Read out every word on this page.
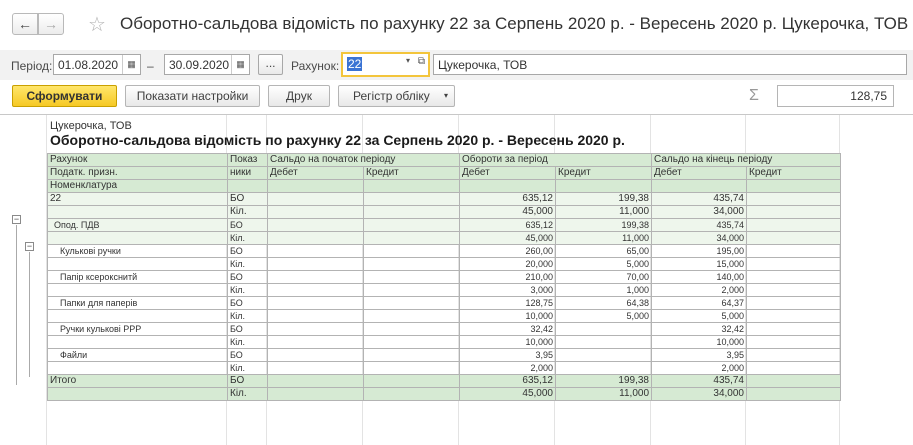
← →	☆ Оборотно-сальдова відомість по рахунку 22 за Серпень 2020 р. - Вересень 2020 р. Цукерочка, ТОВ
Період: 01.08.2020	▦ –	30.09.2020 ▦	...	Рахунок: 22	▾ ⧉	Цукерочка, ТОВ
Сформувати	Показати настройки	Друк	Регістр обліку ▾	Σ	128,75
Цукерочка, ТОВ
Оборотно-сальдова відомість по рахунку 22 за Серпень 2020 р. - Вересень 2020 р.
−
−
Рахунок	Показ	Сальдо на початок періоду		Обороти за період		Сальдо на кінець періоду	
Податк. призн.	ники	Дебет	Кредит	Дебет	Кредит	Дебет	Кредит
Номенклатура							
22	БО			635,12	199,38	435,74	
	Кіл.			45,000	11,000	34,000	
Опод. ПДВ	БО			635,12	199,38	435,74	
	Кіл.			45,000	11,000	34,000	
Кулькові ручки	БО			260,00	65,00	195,00	
	Кіл.			20,000	5,000	15,000	
Папір ксерокснитй	БО			210,00	70,00	140,00	
	Кіл.			3,000	1,000	2,000	
Папки для паперів	БО			128,75	64,38	64,37	
	Кіл.			10,000	5,000	5,000	
Ручки кулькові PPP	БО			32,42		32,42	
	Кіл.			10,000		10,000	
Файли	БО			3,95		3,95	
	Кіл.			2,000		2,000	
Итого	БО			635,12	199,38	435,74	
	Кіл.			45,000	11,000	34,000	
